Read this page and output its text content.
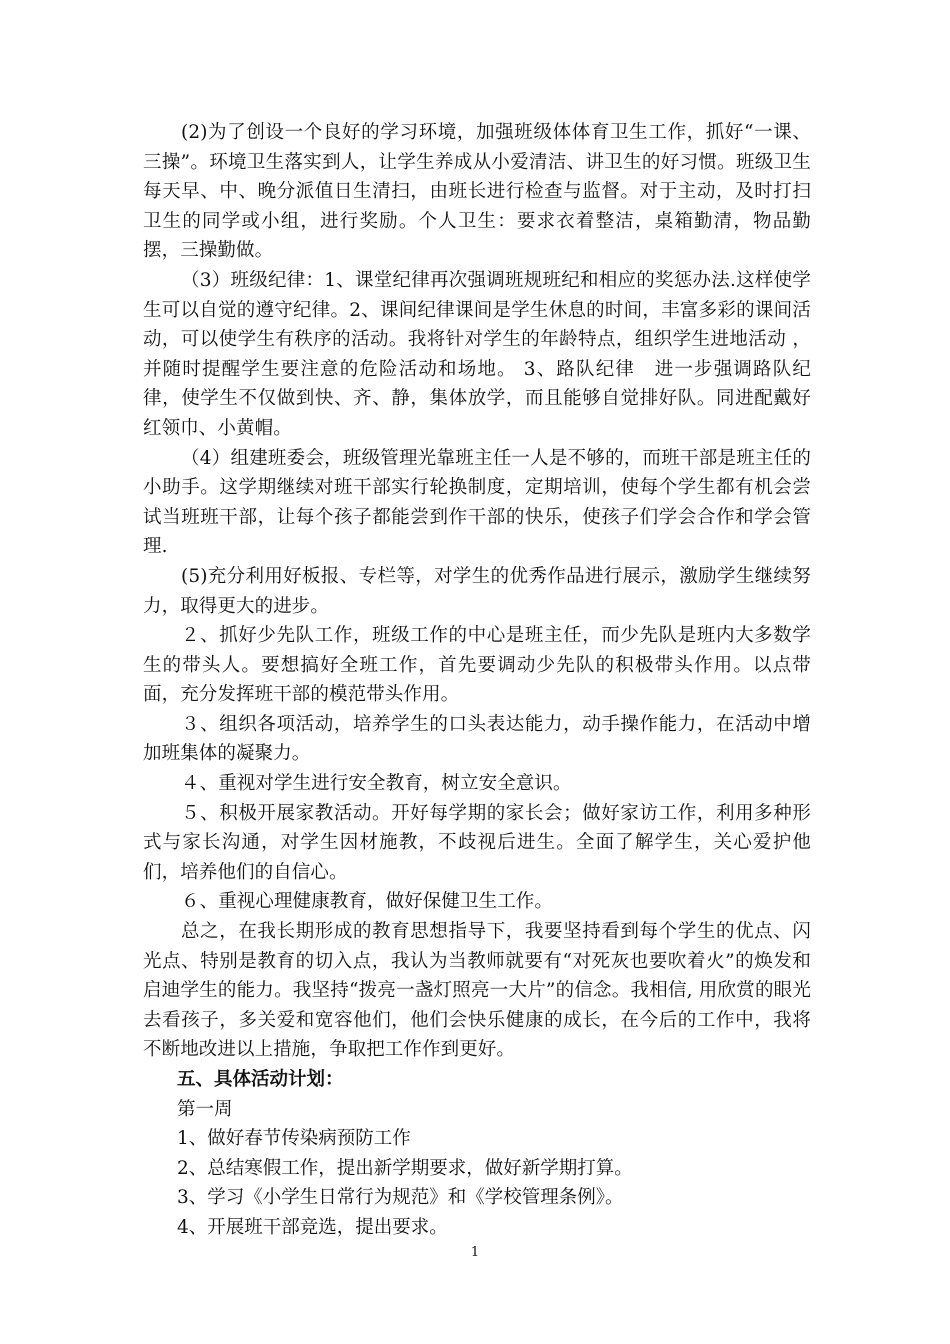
(2)为了创设一个良好的学习环境，加强班级体体育卫生工作，抓好“一课、三操”。环境卫生落实到人，让学生养成从小爱清洁、讲卫生的好习惯。班级卫生每天早、中、晚分派值日生清扫，由班长进行检查与监督。对于主动，及时打扫卫生的同学或小组，进行奖励。个人卫生：要求衣着整洁，桌箱勤清，物品勤摆，三操勤做。

（3）班级纪律：1、课堂纪律再次强调班规班纪和相应的奖惩办法.这样使学生可以自觉的遵守纪律。2、课间纪律课间是学生休息的时间，丰富多彩的课间活动，可以使学生有秩序的活动。我将针对学生的年龄特点，组织学生进地活动 ，并随时提醒学生要注意的危险活动和场地。 3、路队纪律　进一步强调路队纪律，使学生不仅做到快、齐、静，集体放学，而且能够自觉排好队。同进配戴好红领巾、小黄帽。

（4）组建班委会，班级管理光靠班主任一人是不够的，而班干部是班主任的小助手。这学期继续对班干部实行轮换制度，定期培训，使每个学生都有机会尝试当班班干部，让每个孩子都能尝到作干部的快乐，使孩子们学会合作和学会管理.

(5)充分利用好板报、专栏等，对学生的优秀作品进行展示，激励学生继续努力，取得更大的进步。

２、抓好少先队工作，班级工作的中心是班主任，而少先队是班内大多数学生的带头人。要想搞好全班工作，首先要调动少先队的积极带头作用。以点带面，充分发挥班干部的模范带头作用。

３、组织各项活动，培养学生的口头表达能力，动手操作能力，在活动中增加班集体的凝聚力。

４、重视对学生进行安全教育，树立安全意识。

５、积极开展家教活动。开好每学期的家长会；做好家访工作，利用多种形式与家长沟通，对学生因材施教，不歧视后进生。全面了解学生，关心爱护他们，培养他们的自信心。

６、重视心理健康教育，做好保健卫生工作。

总之，在我长期形成的教育思想指导下，我要坚持看到每个学生的优点、闪光点、特别是教育的切入点，我认为当教师就要有“对死灰也要吹着火”的焕发和启迪学生的能力。我坚持“拨亮一盏灯照亮一大片”的信念。我相信, 用欣赏的眼光去看孩子，多关爱和宽容他们，他们会快乐健康的成长，在今后的工作中，我将不断地改进以上措施，争取把工作作到更好。

五、具体活动计划：

第一周

1、做好春节传染病预防工作

2、总结寒假工作，提出新学期要求，做好新学期打算。

3、学习《小学生日常行为规范》和《学校管理条例》。

4、开展班干部竞选，提出要求。

1
